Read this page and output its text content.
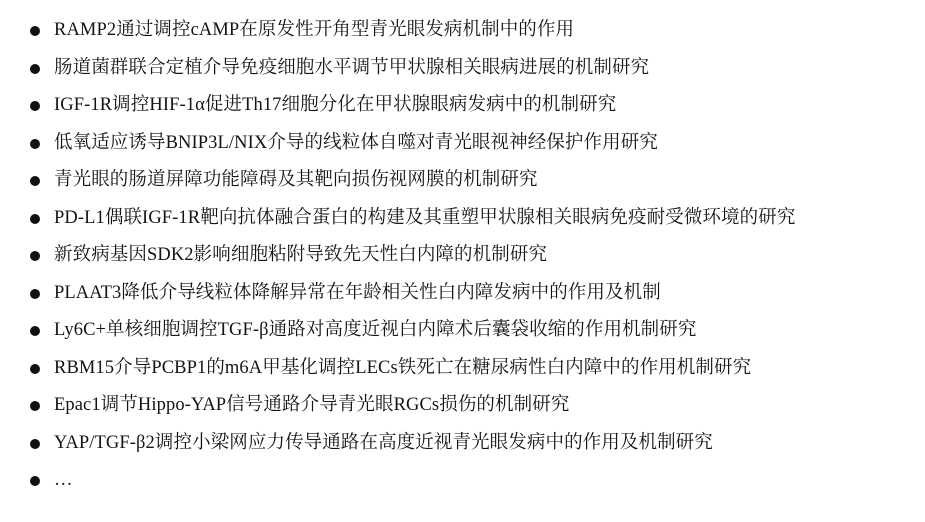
RAMP2通过调控cAMP在原发性开角型青光眼发病机制中的作用
肠道菌群联合定植介导免疫细胞水平调节甲状腺相关眼病进展的机制研究
IGF-1R调控HIF-1α促进Th17细胞分化在甲状腺眼病发病中的机制研究
低氧适应诱导BNIP3L/NIX介导的线粒体自噬对青光眼视神经保护作用研究
青光眼的肠道屏障功能障碍及其靶向损伤视网膜的机制研究
PD-L1偶联IGF-1R靶向抗体融合蛋白的构建及其重塑甲状腺相关眼病免疫耐受微环境的研究
新致病基因SDK2影响细胞粘附导致先天性白内障的机制研究
PLAAT3降低介导线粒体降解异常在年龄相关性白内障发病中的作用及机制
Ly6C+单核细胞调控TGF-β通路对高度近视白内障术后囊袋收缩的作用机制研究
RBM15介导PCBP1的m6A甲基化调控LECs铁死亡在糖尿病性白内障中的作用机制研究
Epac1调节Hippo-YAP信号通路介导青光眼RGCs损伤的机制研究
YAP/TGF-β2调控小梁网应力传导通路在高度近视青光眼发病中的作用及机制研究
…
